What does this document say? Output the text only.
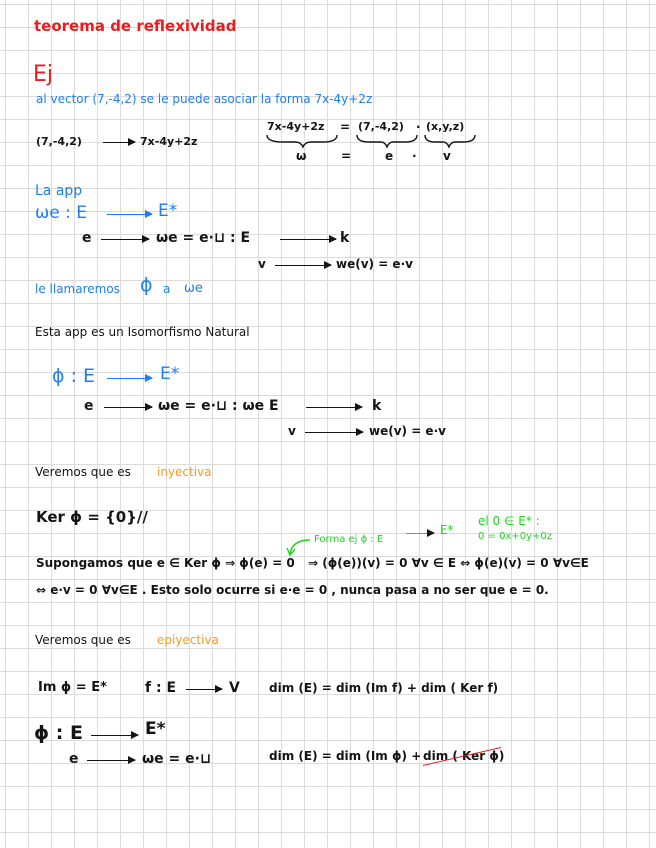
teorema de reflexividad
Ej
al vector (7,-4,2) se le puede asociar la forma 7x-4y+2z
(7,-4,2)	7x-4y+2z
7x-4y+2z = (7,-4,2) · (x,y,z)
ω	=	e · v
La app
ωe : E	E*
e	ωe = e·⊔ : E	k
v	we(v) = e·v
le llamaremos ϕ a ωe
Esta app es un Isomorfismo Natural
ϕ : E	E*
e	ωe = e·⊔ : ωe E	k
v	we(v) = e·v
Veremos que es inyectiva
Ker ϕ = {0}//
Forma ej ϕ : E
E*
el 0 ∈ E* :
0 = 0x+0y+0z
Supongamos que e ∈ Ker ϕ ⇒ ϕ(e) = 0 ⇒ (ϕ(e))(v) = 0 ∀v ∈ E ⇔ ϕ(e)(v) = 0 ∀v∈E
⇔ e·v = 0 ∀v∈E . Esto solo ocurre si e·e = 0 , nunca pasa a no ser que e = 0.
Veremos que es epiyectiva
Im ϕ = E*	f : E	V dim (E) = dim (Im f) + dim ( Ker f)
ϕ : E	E*
e	ωe = e·⊔	dim (E) = dim (Im ϕ) + dim ( Ker ϕ)
